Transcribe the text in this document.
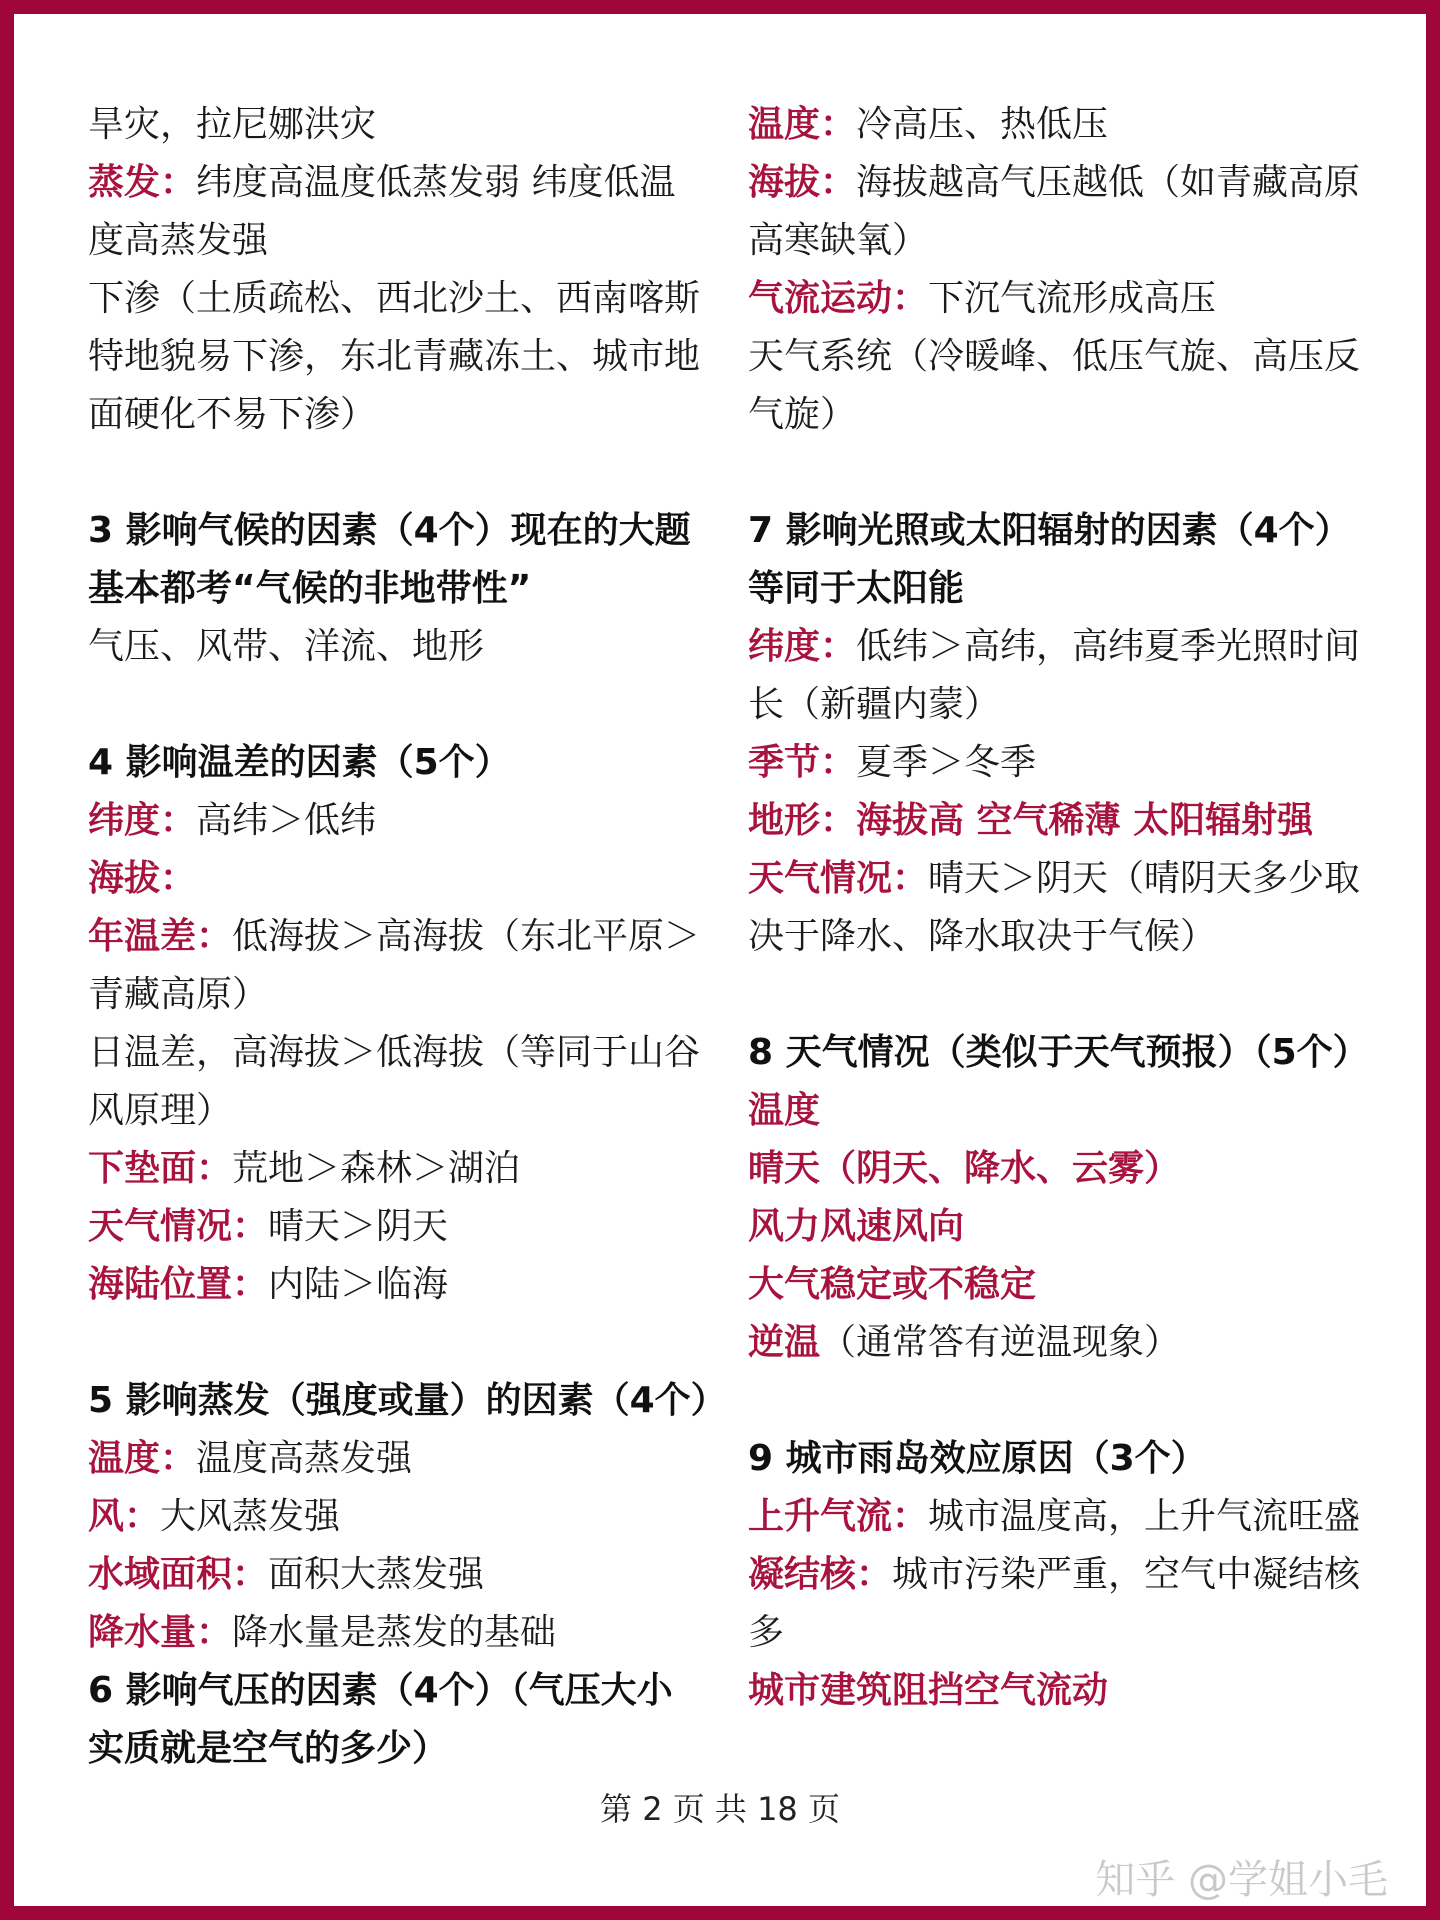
旱灾，拉尼娜洪灾
蒸发：纬度高温度低蒸发弱 纬度低温
度高蒸发强
下渗（土质疏松、西北沙土、西南喀斯
特地貌易下渗，东北青藏冻土、城市地
面硬化不易下渗）
3 影响气候的因素（4个）现在的大题
基本都考“气候的非地带性”
气压、风带、洋流、地形
4 影响温差的因素（5个）
纬度：高纬＞低纬
海拔：
年温差：低海拔＞高海拔（东北平原＞
青藏高原）
日温差，高海拔＞低海拔（等同于山谷
风原理）
下垫面：荒地＞森林＞湖泊
天气情况：晴天＞阴天
海陆位置：内陆＞临海
5 影响蒸发（强度或量）的因素（4个）
温度：温度高蒸发强
风：大风蒸发强
水域面积：面积大蒸发强
降水量：降水量是蒸发的基础
6 影响气压的因素（4个）（气压大小
实质就是空气的多少）
温度：冷高压、热低压
海拔：海拔越高气压越低（如青藏高原
高寒缺氧）
气流运动：下沉气流形成高压
天气系统（冷暖峰、低压气旋、高压反
气旋）
7 影响光照或太阳辐射的因素（4个）
等同于太阳能
纬度：低纬＞高纬，高纬夏季光照时间
长（新疆内蒙）
季节：夏季＞冬季
地形：海拔高 空气稀薄 太阳辐射强
天气情况：晴天＞阴天（晴阴天多少取
决于降水、降水取决于气候）
8 天气情况（类似于天气预报）（5个）
温度
晴天（阴天、降水、云雾）
风力风速风向
大气稳定或不稳定
逆温（通常答有逆温现象）
9 城市雨岛效应原因（3个）
上升气流：城市温度高，上升气流旺盛
凝结核：城市污染严重，空气中凝结核
多
城市建筑阻挡空气流动
第 2 页 共 18 页
知乎 @学姐小毛
